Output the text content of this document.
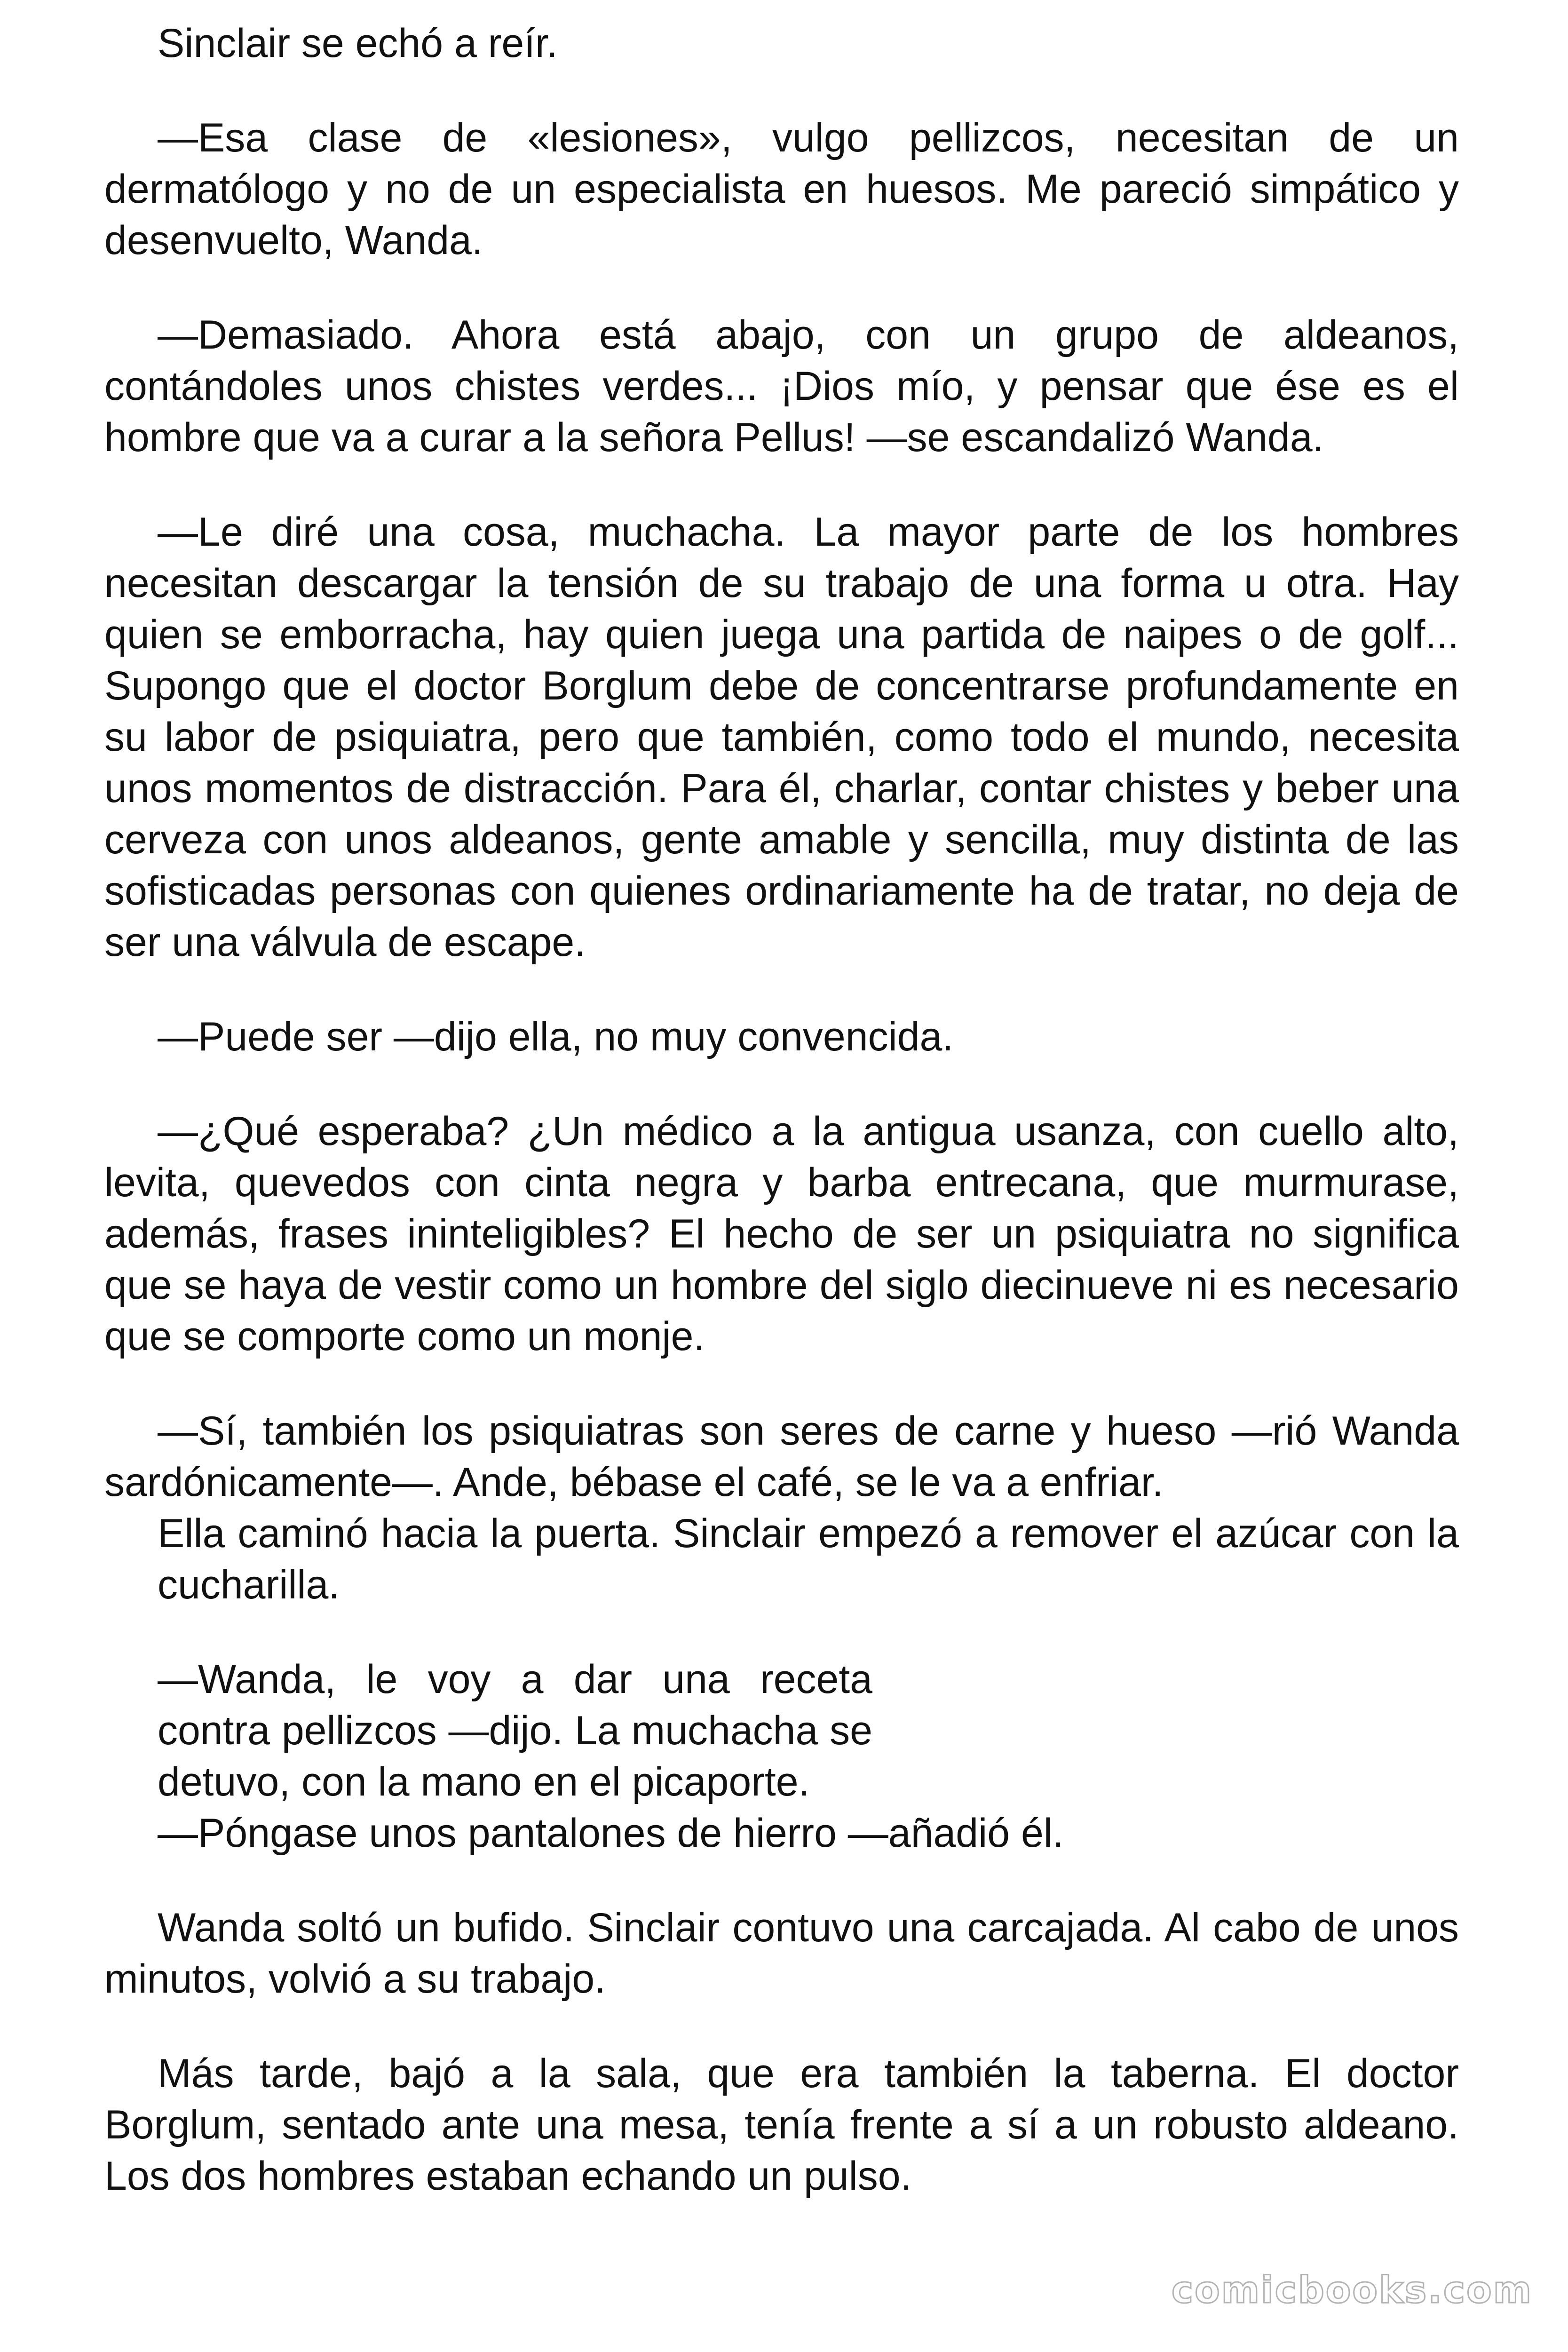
Sinclair se echó a reír.

—Esa clase de «lesiones», vulgo pellizcos, necesitan de un dermatólogo y no de un especialista en huesos. Me pareció simpático y desenvuelto, Wanda.

—Demasiado. Ahora está abajo, con un grupo de aldeanos, contándoles unos chistes verdes... ¡Dios mío, y pensar que ése es el hombre que va a curar a la señora Pellus! —se escandalizó Wanda.

—Le diré una cosa, muchacha. La mayor parte de los hombres necesitan descargar la tensión de su trabajo de una forma u otra. Hay quien se emborracha, hay quien juega una partida de naipes o de golf... Supongo que el doctor Borglum debe de concentrarse profundamente en su labor de psiquiatra, pero que también, como todo el mundo, necesita unos momentos de distracción. Para él, charlar, contar chistes y beber una cerveza con unos aldeanos, gente amable y sencilla, muy distinta de las sofisticadas personas con quienes ordinariamente ha de tratar, no deja de ser una válvula de escape.

—Puede ser —dijo ella, no muy convencida.

—¿Qué esperaba? ¿Un médico a la antigua usanza, con cuello alto, levita, quevedos con cinta negra y barba entrecana, que murmurase, además, frases ininteligibles? El hecho de ser un psiquiatra no significa que se haya de vestir como un hombre del siglo diecinueve ni es necesario que se comporte como un monje.

—Sí, también los psiquiatras son seres de carne y hueso —rió Wanda sardónicamente—. Ande, bébase el café, se le va a enfriar.

Ella caminó hacia la puerta. Sinclair empezó a remover el azúcar con la cucharilla.

—Wanda, le voy a dar una receta contra pellizcos —dijo. La muchacha se detuvo, con la mano en el picaporte.

—Póngase unos pantalones de hierro —añadió él.

Wanda soltó un bufido. Sinclair contuvo una carcajada. Al cabo de unos minutos, volvió a su trabajo.

Más tarde, bajó a la sala, que era también la taberna. El doctor Borglum, sentado ante una mesa, tenía frente a sí a un robusto aldeano. Los dos hombres estaban echando un pulso.

comicbooks.com
